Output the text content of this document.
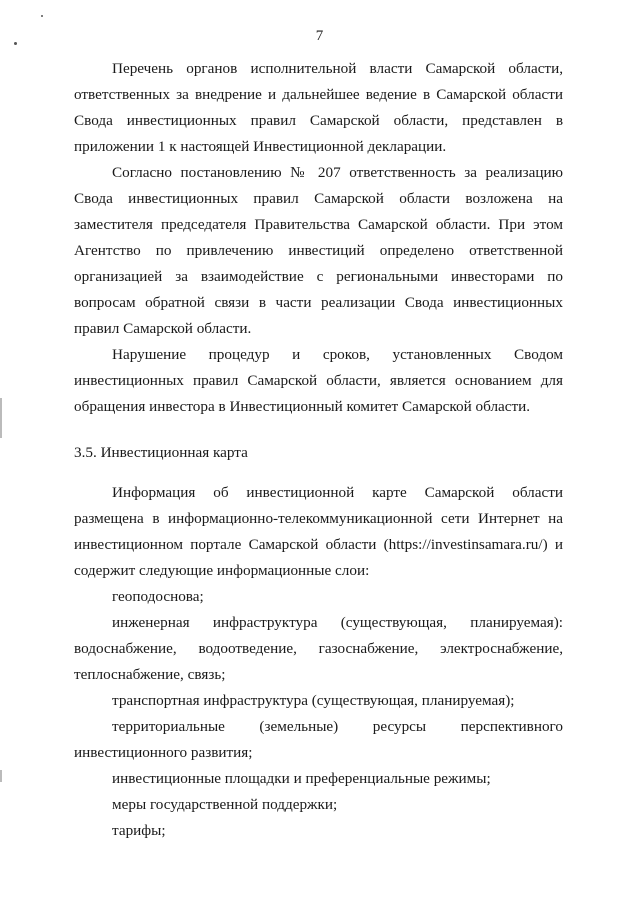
7

Перечень органов исполнительной власти Самарской области, ответственных за внедрение и дальнейшее ведение в Самарской области Свода инвестиционных правил Самарской области, представлен в приложении 1 к настоящей Инвестиционной декларации.

Согласно постановлению № 207 ответственность за реализацию Свода инвестиционных правил Самарской области возложена на заместителя председателя Правительства Самарской области. При этом Агентство по привлечению инвестиций определено ответственной организацией за взаимодействие с региональными инвесторами по вопросам обратной связи в части реализации Свода инвестиционных правил Самарской области.

Нарушение процедур и сроков, установленных Сводом инвестиционных правил Самарской области, является основанием для обращения инвестора в Инвестиционный комитет Самарской области.

3.5. Инвестиционная карта

Информация об инвестиционной карте Самарской области размещена в информационно-телекоммуникационной сети Интернет на инвестиционном портале Самарской области (https://investinsamara.ru/) и содержит следующие информационные слои:

геоподоснова;

инженерная инфраструктура (существующая, планируемая): водоснабжение, водоотведение, газоснабжение, электроснабжение, теплоснабжение, связь;

транспортная инфраструктура (существующая, планируемая);

территориальные (земельные) ресурсы перспективного инвестиционного развития;

инвестиционные площадки и преференциальные режимы;

меры государственной поддержки;

тарифы;
